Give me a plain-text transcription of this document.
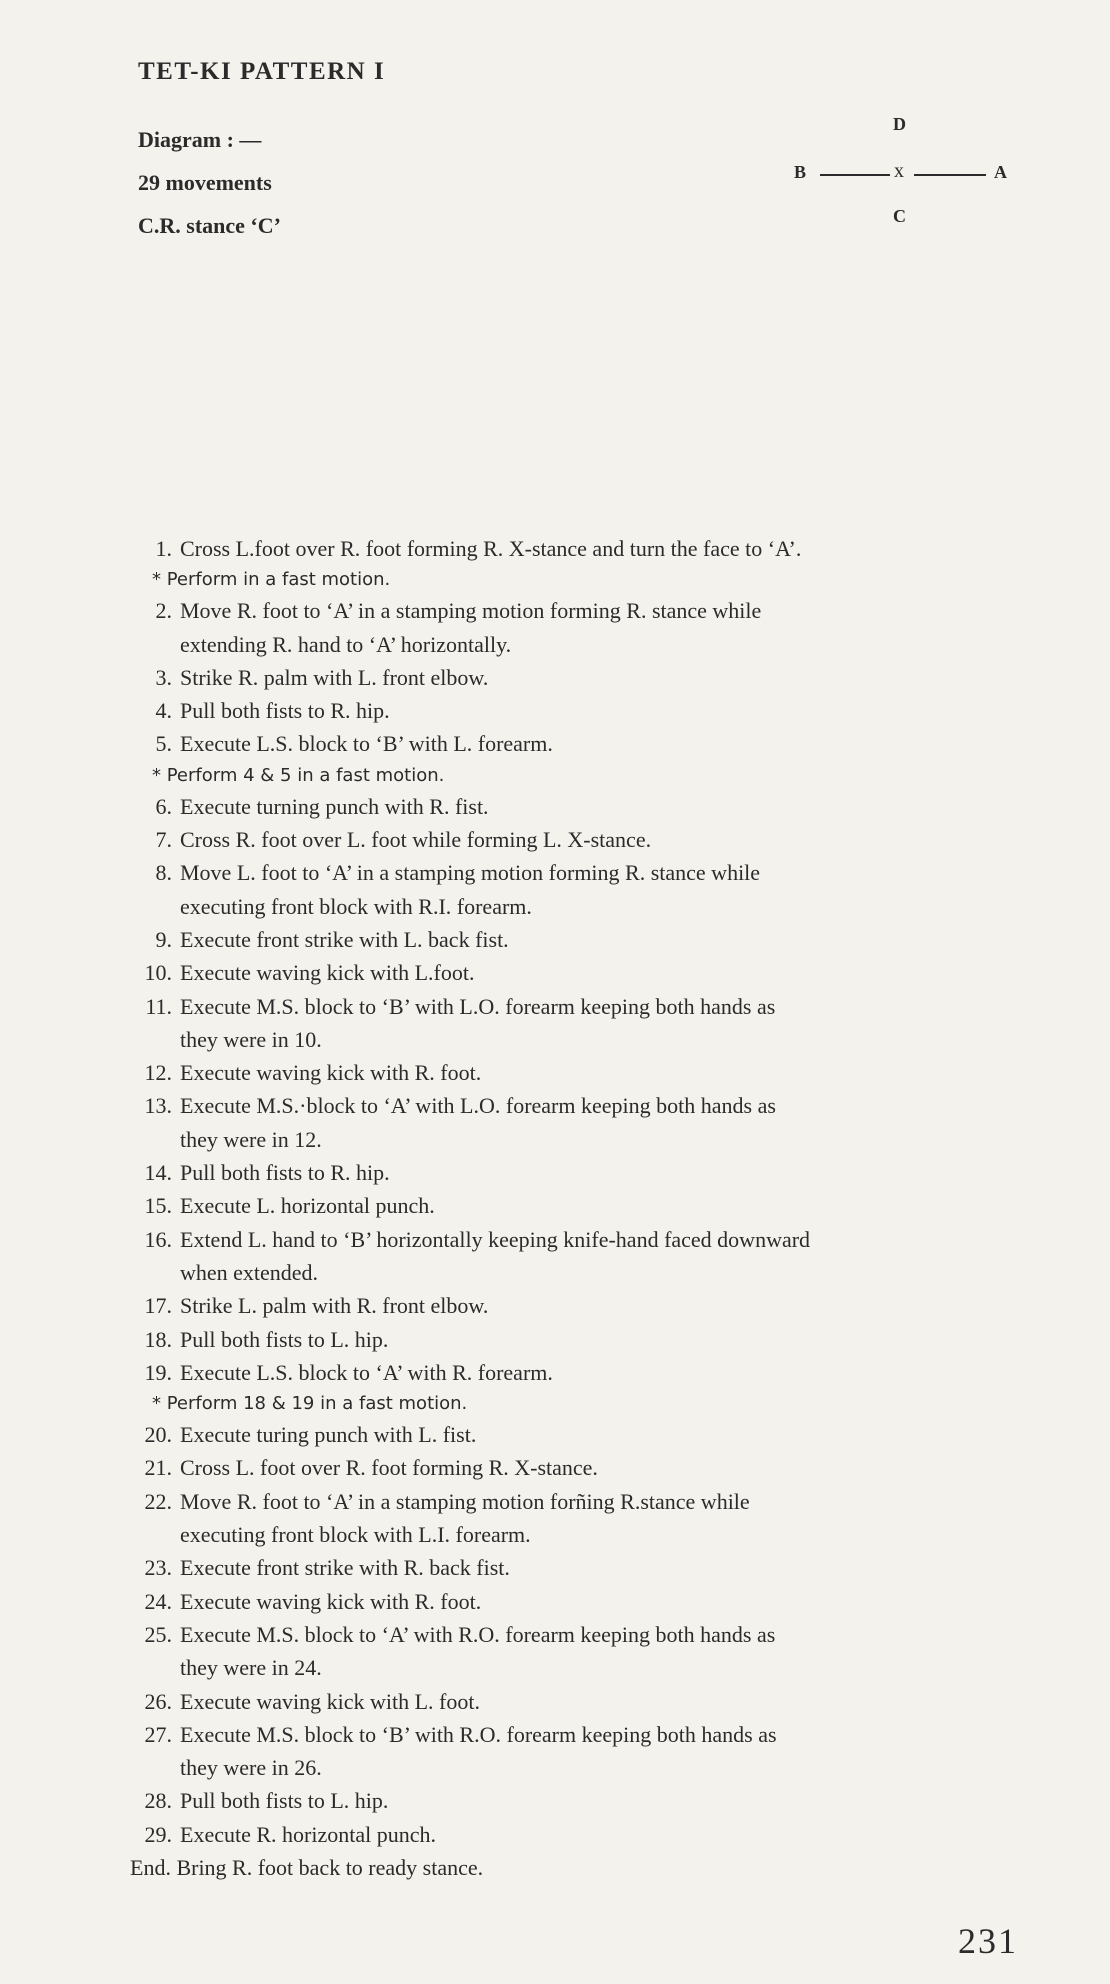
TET-KI PATTERN I
Diagram : —
29 movements
C.R. stance ‘C’
D
B	x	A
C
1. Cross L.foot over R. foot forming R. X-stance and turn the face to ‘A’.
* Perform in a fast motion.
2. Move R. foot to ‘A’ in a stamping motion forming R. stance while
extending R. hand to ‘A’ horizontally.
3. Strike R. palm with L. front elbow.
4. Pull both fists to R. hip.
5. Execute L.S. block to ‘B’ with L. forearm.
* Perform 4 & 5 in a fast motion.
6. Execute turning punch with R. fist.
7. Cross R. foot over L. foot while forming L. X-stance.
8. Move L. foot to ‘A’ in a stamping motion forming R. stance while
executing front block with R.I. forearm.
9. Execute front strike with L. back fist.
10. Execute waving kick with L.foot.
11. Execute M.S. block to ‘B’ with L.O. forearm keeping both hands as
they were in 10.
12. Execute waving kick with R. foot.
13. Execute M.S.·block to ‘A’ with L.O. forearm keeping both hands as
they were in 12.
14. Pull both fists to R. hip.
15. Execute L. horizontal punch.
16. Extend L. hand to ‘B’ horizontally keeping knife-hand faced downward
when extended.
17. Strike L. palm with R. front elbow.
18. Pull both fists to L. hip.
19. Execute L.S. block to ‘A’ with R. forearm.
* Perform 18 & 19 in a fast motion.
20. Execute turing punch with L. fist.
21. Cross L. foot over R. foot forming R. X-stance.
22. Move R. foot to ‘A’ in a stamping motion forñing R.stance while
executing front block with L.I. forearm.
23. Execute front strike with R. back fist.
24. Execute waving kick with R. foot.
25. Execute M.S. block to ‘A’ with R.O. forearm keeping both hands as
they were in 24.
26. Execute waving kick with L. foot.
27. Execute M.S. block to ‘B’ with R.O. forearm keeping both hands as
they were in 26.
28. Pull both fists to L. hip.
29. Execute R. horizontal punch.
End. Bring R. foot back to ready stance.
231
